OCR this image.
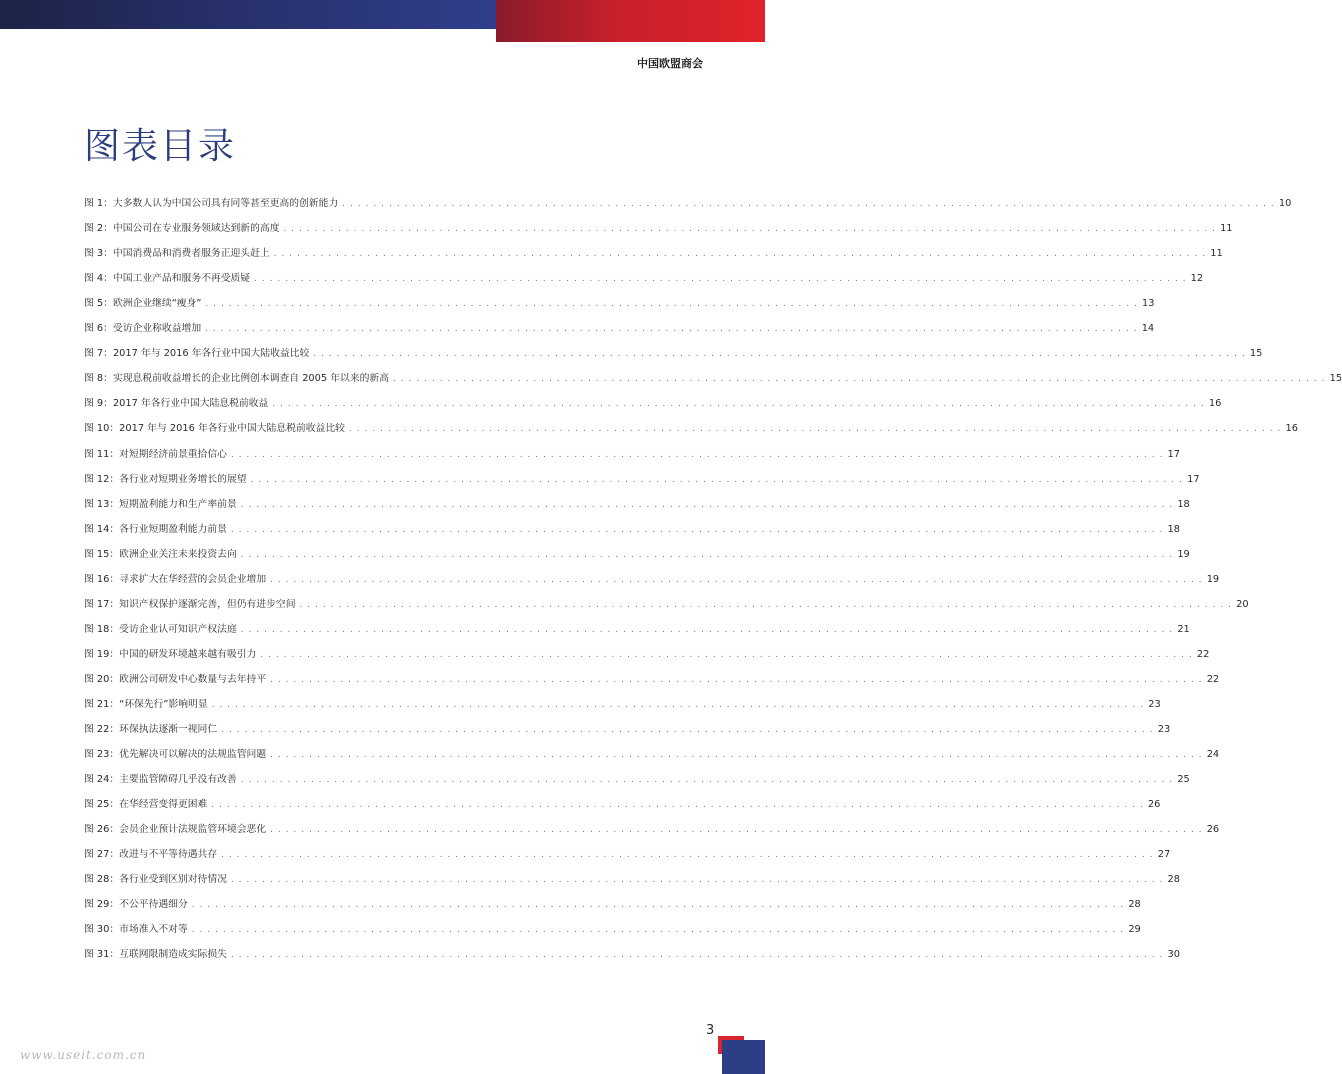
中国欧盟商会
图表目录
图 1：大多数人认为中国公司具有同等甚至更高的创新能力 . . . . . . . . . . . . . . . . . . . . . . . . . . . . . . . . . . . . . . . . . . . . . . . . . . . . . . . . . . . . . . . . . . . . . . . . . . . . . . . . . . . . . . . . . . . . . . . . . . . . . . . . . . . . . . . . . . . . . . . . 10
图 2：中国公司在专业服务领域达到新的高度 . . . . . . . . . . . . . . . . . . . . . . . . . . . . . . . . . . . . . . . . . . . . . . . . . . . . . . . . . . . . . . . . . . . . . . . . . . . . . . . . . . . . . . . . . . . . . . . . . . . . . . . . . . . . . . . . . . . . . . . . 11
图 3：中国消费品和消费者服务正迎头赶上 . . . . . . . . . . . . . . . . . . . . . . . . . . . . . . . . . . . . . . . . . . . . . . . . . . . . . . . . . . . . . . . . . . . . . . . . . . . . . . . . . . . . . . . . . . . . . . . . . . . . . . . . . . . . . . . . . . . . . . . . 11
图 4：中国工业产品和服务不再受质疑 . . . . . . . . . . . . . . . . . . . . . . . . . . . . . . . . . . . . . . . . . . . . . . . . . . . . . . . . . . . . . . . . . . . . . . . . . . . . . . . . . . . . . . . . . . . . . . . . . . . . . . . . . . . . . . . . . . . . . . . . 12
图 5：欧洲企业继续“瘦身” . . . . . . . . . . . . . . . . . . . . . . . . . . . . . . . . . . . . . . . . . . . . . . . . . . . . . . . . . . . . . . . . . . . . . . . . . . . . . . . . . . . . . . . . . . . . . . . . . . . . . . . . . . . . . . . . . . . . . . . . 13
图 6：受访企业称收益增加 . . . . . . . . . . . . . . . . . . . . . . . . . . . . . . . . . . . . . . . . . . . . . . . . . . . . . . . . . . . . . . . . . . . . . . . . . . . . . . . . . . . . . . . . . . . . . . . . . . . . . . . . . . . . . . . . . . . . . . . . 14
图 7：2017 年与 2016 年各行业中国大陆收益比较 . . . . . . . . . . . . . . . . . . . . . . . . . . . . . . . . . . . . . . . . . . . . . . . . . . . . . . . . . . . . . . . . . . . . . . . . . . . . . . . . . . . . . . . . . . . . . . . . . . . . . . . . . . . . . . . . . . . . . . . . 15
图 8：实现息税前收益增长的企业比例创本调查自 2005 年以来的新高 . . . . . . . . . . . . . . . . . . . . . . . . . . . . . . . . . . . . . . . . . . . . . . . . . . . . . . . . . . . . . . . . . . . . . . . . . . . . . . . . . . . . . . . . . . . . . . . . . . . . . . . . . . . . . . . . . . . . . . . . 15
图 9：2017 年各行业中国大陆息税前收益 . . . . . . . . . . . . . . . . . . . . . . . . . . . . . . . . . . . . . . . . . . . . . . . . . . . . . . . . . . . . . . . . . . . . . . . . . . . . . . . . . . . . . . . . . . . . . . . . . . . . . . . . . . . . . . . . . . . . . . . . 16
图 10：2017 年与 2016 年各行业中国大陆息税前收益比较 . . . . . . . . . . . . . . . . . . . . . . . . . . . . . . . . . . . . . . . . . . . . . . . . . . . . . . . . . . . . . . . . . . . . . . . . . . . . . . . . . . . . . . . . . . . . . . . . . . . . . . . . . . . . . . . . . . . . . . . . 16
图 11：对短期经济前景重拾信心 . . . . . . . . . . . . . . . . . . . . . . . . . . . . . . . . . . . . . . . . . . . . . . . . . . . . . . . . . . . . . . . . . . . . . . . . . . . . . . . . . . . . . . . . . . . . . . . . . . . . . . . . . . . . . . . . . . . . . . . . 17
图 12：各行业对短期业务增长的展望 . . . . . . . . . . . . . . . . . . . . . . . . . . . . . . . . . . . . . . . . . . . . . . . . . . . . . . . . . . . . . . . . . . . . . . . . . . . . . . . . . . . . . . . . . . . . . . . . . . . . . . . . . . . . . . . . . . . . . . . . 17
图 13：短期盈利能力和生产率前景 . . . . . . . . . . . . . . . . . . . . . . . . . . . . . . . . . . . . . . . . . . . . . . . . . . . . . . . . . . . . . . . . . . . . . . . . . . . . . . . . . . . . . . . . . . . . . . . . . . . . . . . . . . . . . . . . . . . . . . . . 18
图 14：各行业短期盈利能力前景 . . . . . . . . . . . . . . . . . . . . . . . . . . . . . . . . . . . . . . . . . . . . . . . . . . . . . . . . . . . . . . . . . . . . . . . . . . . . . . . . . . . . . . . . . . . . . . . . . . . . . . . . . . . . . . . . . . . . . . . . 18
图 15：欧洲企业关注未来投资去向 . . . . . . . . . . . . . . . . . . . . . . . . . . . . . . . . . . . . . . . . . . . . . . . . . . . . . . . . . . . . . . . . . . . . . . . . . . . . . . . . . . . . . . . . . . . . . . . . . . . . . . . . . . . . . . . . . . . . . . . . 19
图 16：寻求扩大在华经营的会员企业增加 . . . . . . . . . . . . . . . . . . . . . . . . . . . . . . . . . . . . . . . . . . . . . . . . . . . . . . . . . . . . . . . . . . . . . . . . . . . . . . . . . . . . . . . . . . . . . . . . . . . . . . . . . . . . . . . . . . . . . . . . 19
图 17：知识产权保护逐渐完善，但仍有进步空间 . . . . . . . . . . . . . . . . . . . . . . . . . . . . . . . . . . . . . . . . . . . . . . . . . . . . . . . . . . . . . . . . . . . . . . . . . . . . . . . . . . . . . . . . . . . . . . . . . . . . . . . . . . . . . . . . . . . . . . . . 20
图 18：受访企业认可知识产权法庭 . . . . . . . . . . . . . . . . . . . . . . . . . . . . . . . . . . . . . . . . . . . . . . . . . . . . . . . . . . . . . . . . . . . . . . . . . . . . . . . . . . . . . . . . . . . . . . . . . . . . . . . . . . . . . . . . . . . . . . . . 21
图 19：中国的研发环境越来越有吸引力 . . . . . . . . . . . . . . . . . . . . . . . . . . . . . . . . . . . . . . . . . . . . . . . . . . . . . . . . . . . . . . . . . . . . . . . . . . . . . . . . . . . . . . . . . . . . . . . . . . . . . . . . . . . . . . . . . . . . . . . . 22
图 20：欧洲公司研发中心数量与去年持平 . . . . . . . . . . . . . . . . . . . . . . . . . . . . . . . . . . . . . . . . . . . . . . . . . . . . . . . . . . . . . . . . . . . . . . . . . . . . . . . . . . . . . . . . . . . . . . . . . . . . . . . . . . . . . . . . . . . . . . . . 22
图 21：“环保先行”影响明显 . . . . . . . . . . . . . . . . . . . . . . . . . . . . . . . . . . . . . . . . . . . . . . . . . . . . . . . . . . . . . . . . . . . . . . . . . . . . . . . . . . . . . . . . . . . . . . . . . . . . . . . . . . . . . . . . . . . . . . . . 23
图 22：环保执法逐渐一视同仁 . . . . . . . . . . . . . . . . . . . . . . . . . . . . . . . . . . . . . . . . . . . . . . . . . . . . . . . . . . . . . . . . . . . . . . . . . . . . . . . . . . . . . . . . . . . . . . . . . . . . . . . . . . . . . . . . . . . . . . . . 23
图 23：优先解决可以解决的法规监管问题 . . . . . . . . . . . . . . . . . . . . . . . . . . . . . . . . . . . . . . . . . . . . . . . . . . . . . . . . . . . . . . . . . . . . . . . . . . . . . . . . . . . . . . . . . . . . . . . . . . . . . . . . . . . . . . . . . . . . . . . . 24
图 24：主要监管障碍几乎没有改善 . . . . . . . . . . . . . . . . . . . . . . . . . . . . . . . . . . . . . . . . . . . . . . . . . . . . . . . . . . . . . . . . . . . . . . . . . . . . . . . . . . . . . . . . . . . . . . . . . . . . . . . . . . . . . . . . . . . . . . . . 25
图 25：在华经营变得更困难 . . . . . . . . . . . . . . . . . . . . . . . . . . . . . . . . . . . . . . . . . . . . . . . . . . . . . . . . . . . . . . . . . . . . . . . . . . . . . . . . . . . . . . . . . . . . . . . . . . . . . . . . . . . . . . . . . . . . . . . . 26
图 26：会员企业预计法规监管环境会恶化 . . . . . . . . . . . . . . . . . . . . . . . . . . . . . . . . . . . . . . . . . . . . . . . . . . . . . . . . . . . . . . . . . . . . . . . . . . . . . . . . . . . . . . . . . . . . . . . . . . . . . . . . . . . . . . . . . . . . . . . . 26
图 27：改进与不平等待遇共存 . . . . . . . . . . . . . . . . . . . . . . . . . . . . . . . . . . . . . . . . . . . . . . . . . . . . . . . . . . . . . . . . . . . . . . . . . . . . . . . . . . . . . . . . . . . . . . . . . . . . . . . . . . . . . . . . . . . . . . . . 27
图 28：各行业受到区别对待情况 . . . . . . . . . . . . . . . . . . . . . . . . . . . . . . . . . . . . . . . . . . . . . . . . . . . . . . . . . . . . . . . . . . . . . . . . . . . . . . . . . . . . . . . . . . . . . . . . . . . . . . . . . . . . . . . . . . . . . . . . 28
图 29：不公平待遇细分 . . . . . . . . . . . . . . . . . . . . . . . . . . . . . . . . . . . . . . . . . . . . . . . . . . . . . . . . . . . . . . . . . . . . . . . . . . . . . . . . . . . . . . . . . . . . . . . . . . . . . . . . . . . . . . . . . . . . . . . . 28
图 30：市场准入不对等 . . . . . . . . . . . . . . . . . . . . . . . . . . . . . . . . . . . . . . . . . . . . . . . . . . . . . . . . . . . . . . . . . . . . . . . . . . . . . . . . . . . . . . . . . . . . . . . . . . . . . . . . . . . . . . . . . . . . . . . . 29
图 31：互联网限制造成实际损失 . . . . . . . . . . . . . . . . . . . . . . . . . . . . . . . . . . . . . . . . . . . . . . . . . . . . . . . . . . . . . . . . . . . . . . . . . . . . . . . . . . . . . . . . . . . . . . . . . . . . . . . . . . . . . . . . . . . . . . . . 30
3
www.useit.com.cn
